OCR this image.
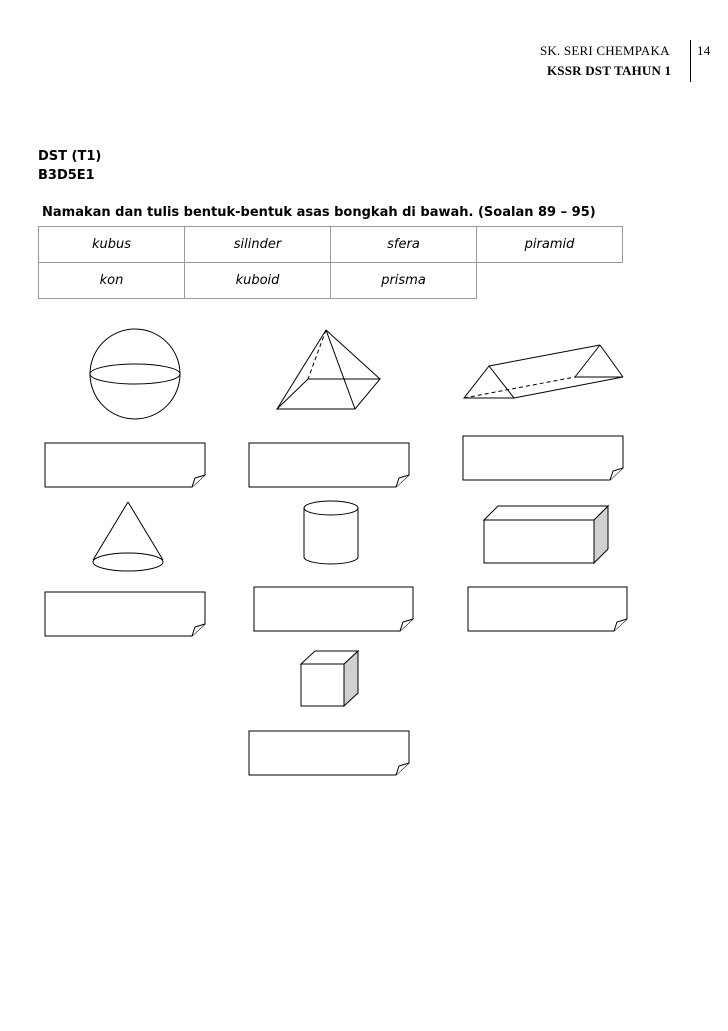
SK. SERI CHEMPAKA 14
KSSR DST TAHUN 1
DST (T1)
B3D5E1
Namakan dan tulis bentuk-bentuk asas bongkah di bawah. (Soalan 89 – 95)
kubus	silinder	sfera	piramid
kon	kuboid	prisma	
